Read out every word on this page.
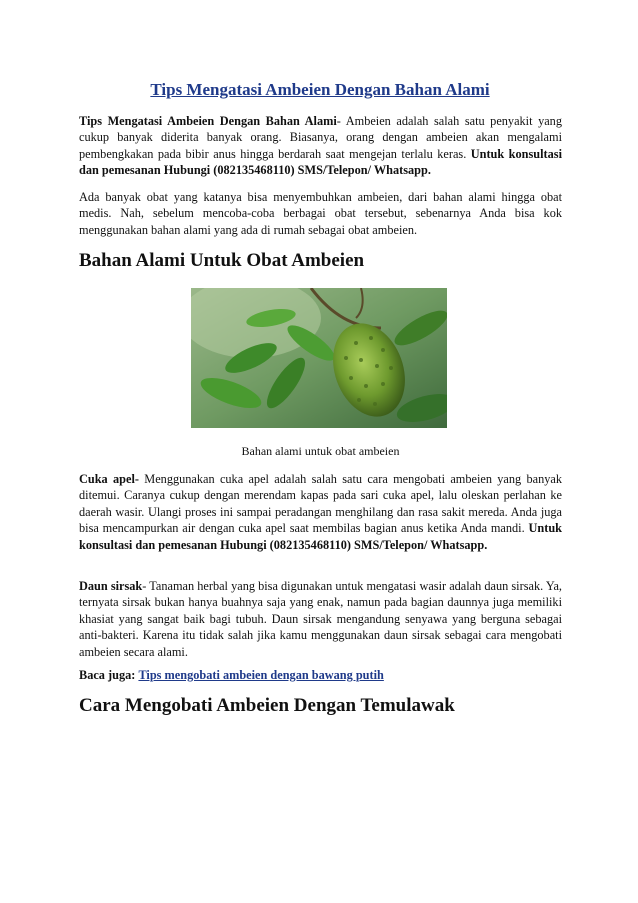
Tips Mengatasi Ambeien Dengan Bahan Alami

Tips Mengatasi Ambeien Dengan Bahan Alami- Ambeien adalah salah satu penyakit yang cukup banyak diderita banyak orang. Biasanya, orang dengan ambeien akan mengalami pembengkakan pada bibir anus hingga berdarah saat mengejan terlalu keras. Untuk konsultasi dan pemesanan Hubungi (082135468110) SMS/Telepon/ Whatsapp.

Ada banyak obat yang katanya bisa menyembuhkan ambeien, dari bahan alami hingga obat medis. Nah, sebelum mencoba-coba berbagai obat tersebut, sebenarnya Anda bisa kok menggunakan bahan alami yang ada di rumah sebagai obat ambeien.

Bahan Alami Untuk Obat Ambeien
Bahan alami untuk obat ambeien

Cuka apel- Menggunakan cuka apel adalah salah satu cara mengobati ambeien yang banyak ditemui. Caranya cukup dengan merendam kapas pada sari cuka apel, lalu oleskan perlahan ke daerah wasir. Ulangi proses ini sampai peradangan menghilang dan rasa sakit mereda. Anda juga bisa mencampurkan air dengan cuka apel saat membilas bagian anus ketika Anda mandi. Untuk konsultasi dan pemesanan Hubungi (082135468110) SMS/Telepon/ Whatsapp.

Daun sirsak- Tanaman herbal yang bisa digunakan untuk mengatasi wasir adalah daun sirsak. Ya, ternyata sirsak bukan hanya buahnya saja yang enak, namun pada bagian daunnya juga memiliki khasiat yang sangat baik bagi tubuh. Daun sirsak mengandung senyawa yang berguna sebagai anti-bakteri. Karena itu tidak salah jika kamu menggunakan daun sirsak sebagai cara mengobati ambeien secara alami.

Baca juga: Tips mengobati ambeien dengan bawang putih

Cara Mengobati Ambeien Dengan Temulawak
